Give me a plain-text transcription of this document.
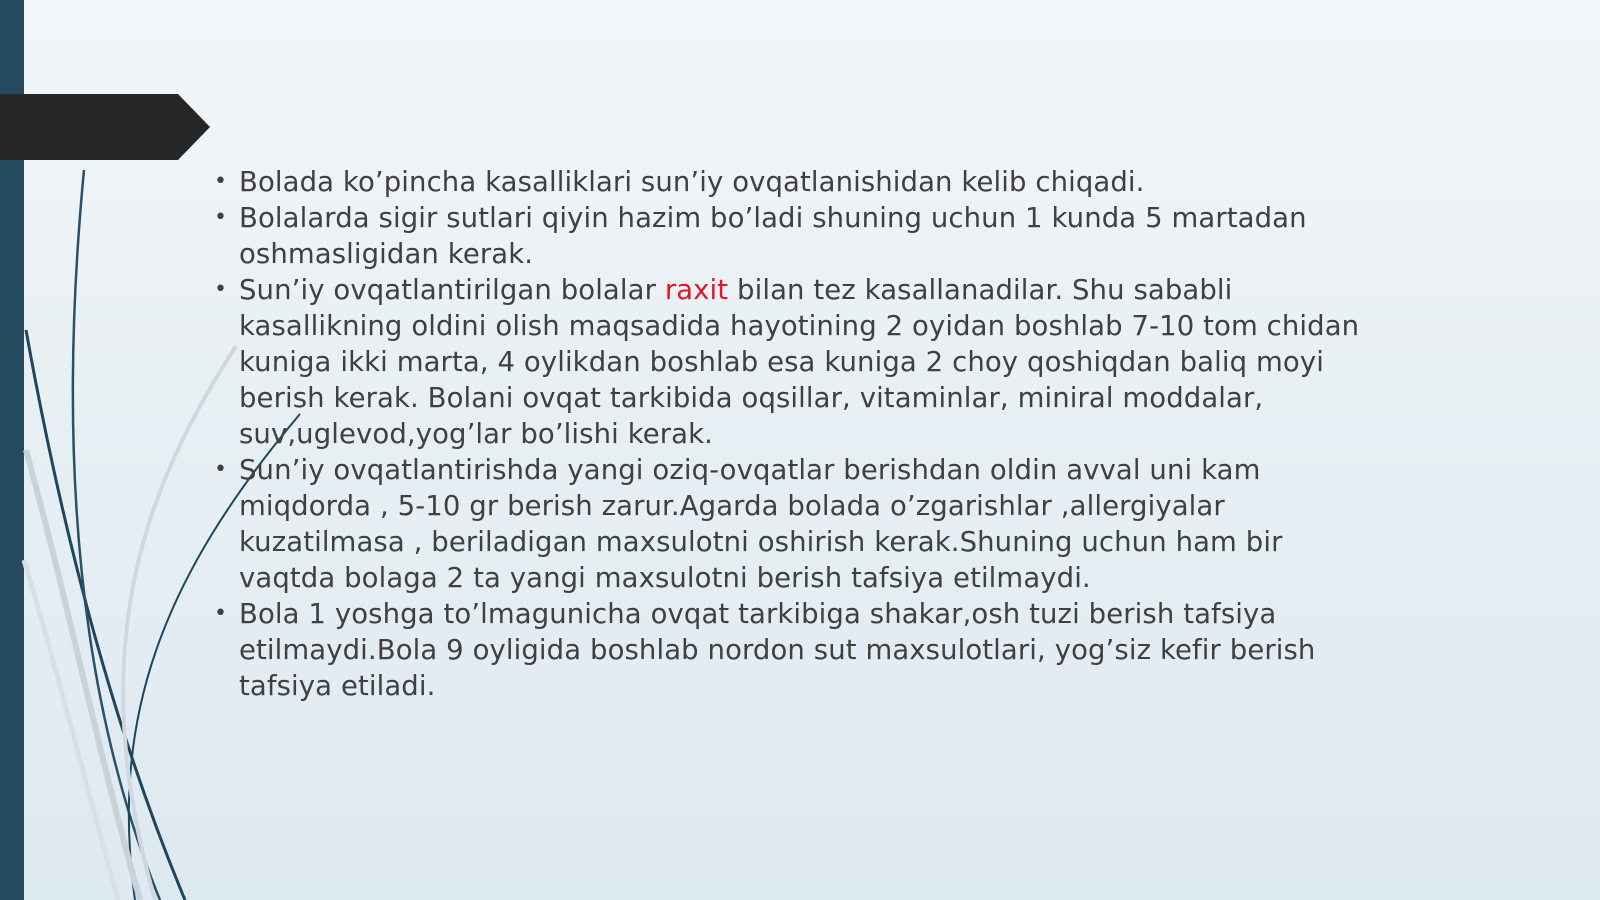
• Bolada ko’pincha kasalliklari sun’iy ovqatlanishidan kelib chiqadi.
• Bolalarda sigir sutlari qiyin hazim bo’ladi shuning uchun 1 kunda 5 martadan oshmasligidan kerak.
• Sun’iy ovqatlantirilgan bolalar raxit bilan tez kasallanadilar. Shu sababli kasallikning oldini olish maqsadida hayotining 2 oyidan boshlab 7-10 tom chidan kuniga ikki marta, 4 oylikdan boshlab esa kuniga 2 choy qoshiqdan baliq moyi berish kerak. Bolani ovqat tarkibida oqsillar, vitaminlar, miniral moddalar, suv,uglevod,yog’lar bo’lishi kerak.
• Sun’iy ovqatlantirishda yangi oziq-ovqatlar berishdan oldin avval uni kam miqdorda , 5-10 gr berish zarur.Agarda bolada o’zgarishlar ,allergiyalar kuzatilmasa , beriladigan maxsulotni oshirish kerak.Shuning uchun ham bir vaqtda bolaga 2 ta yangi maxsulotni berish tafsiya etilmaydi.
• Bola 1 yoshga to’lmagunicha ovqat tarkibiga shakar,osh tuzi berish tafsiya etilmaydi.Bola 9 oyligida boshlab nordon sut maxsulotlari, yog’siz kefir berish tafsiya etiladi.
